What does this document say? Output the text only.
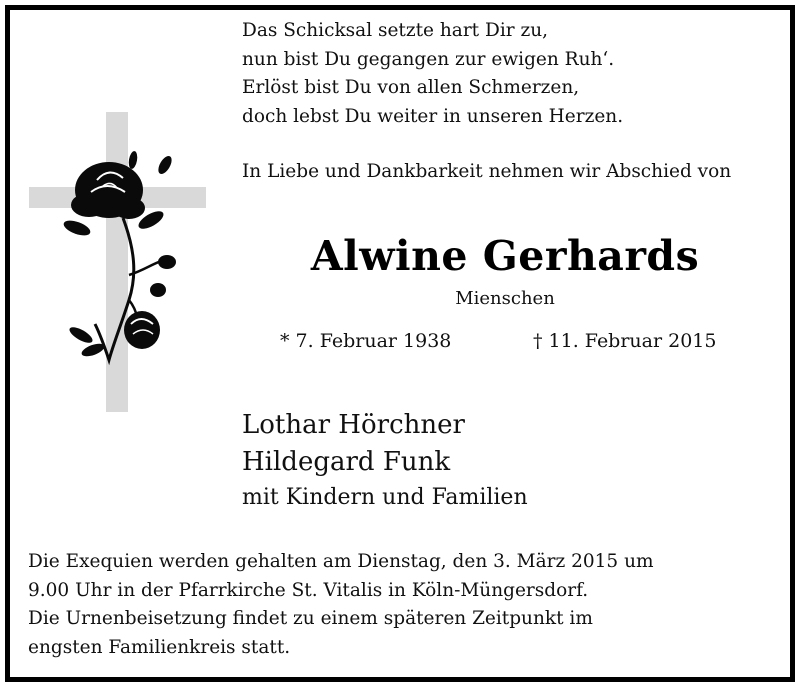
Das Schicksal setzte hart Dir zu,
nun bist Du gegangen zur ewigen Ruh‘.
Erlöst bist Du von allen Schmerzen,
doch lebst Du weiter in unseren Herzen.
In Liebe und Dankbarkeit nehmen wir Abschied von
Alwine Gerhards
Mienschen
* 7. Februar 1938	† 11. Februar 2015
Lothar Hörchner
Hildegard Funk
mit Kindern und Familien
Die Exequien werden gehalten am Dienstag, den 3. März 2015 um
9.00 Uhr in der Pfarrkirche St. Vitalis in Köln-Müngersdorf.
Die Urnenbeisetzung findet zu einem späteren Zeitpunkt im
engsten Familienkreis statt.
